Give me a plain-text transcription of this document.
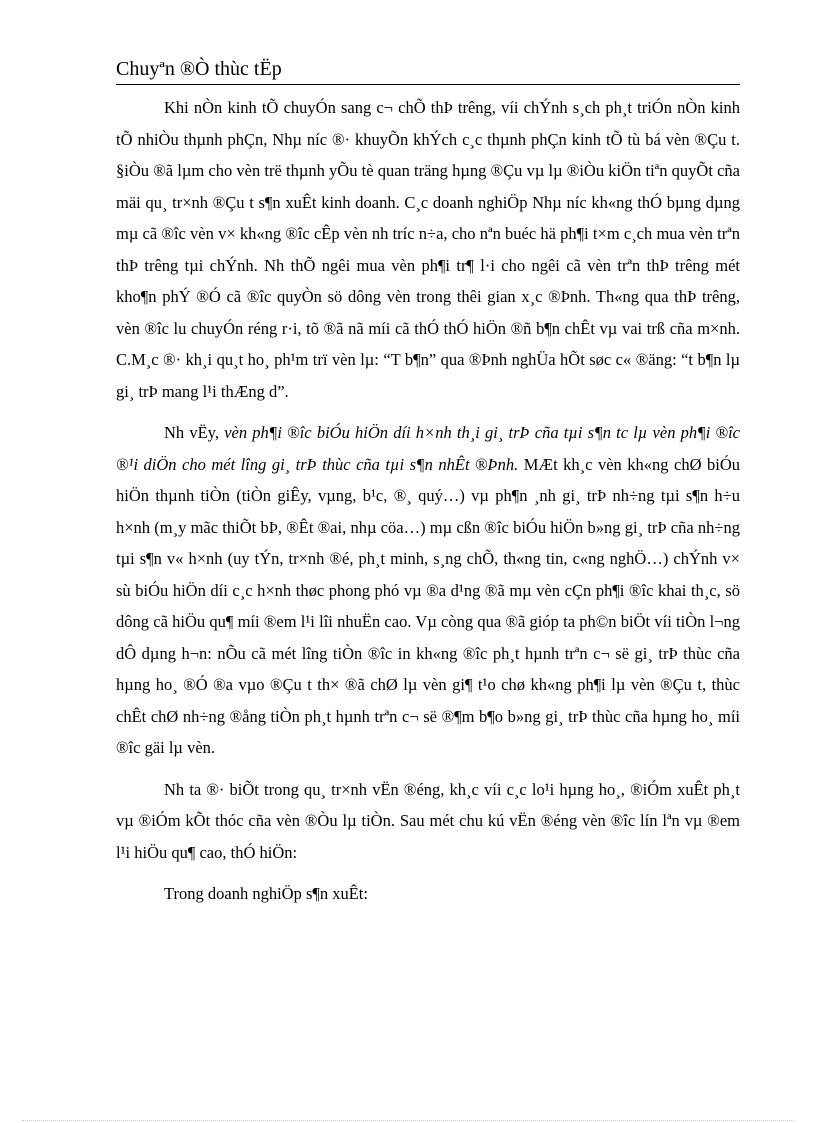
Chuyªn ®Ò thùc tËp

Khi nÒn kinh tÕ chuyÓn sang c¬ chÕ thÞ trêng, víi chÝnh s¸ch ph¸t triÓn nÒn kinh tÕ nhiÒu thµnh phÇn, Nhµ níc ®· khuyÕn khÝch c¸c thµnh phÇn kinh tÕ tù bá vèn ®Çu t. §iÒu ®ã lµm cho vèn trë thµnh yÕu tè quan träng hµng ®Çu vµ lµ ®iÒu kiÖn tiªn quyÕt cña mäi qu¸ tr×nh ®Çu t s¶n xuÊt kinh doanh. C¸c doanh nghiÖp Nhµ níc kh«ng thÓ bµng dµng mµ cã ®îc vèn v× kh«ng ®îc cÊp vèn nh tríc n÷a, cho nªn buéc hä ph¶i t×m c¸ch mua vèn trªn thÞ trêng tµi chÝnh. Nh thÕ ngêi mua vèn ph¶i tr¶ l·i cho ngêi cã vèn trªn thÞ trêng mét kho¶n phÝ ®Ó cã ®îc quyÒn sö dông vèn trong thêi gian x¸c ®Þnh. Th«ng qua thÞ trêng, vèn ®îc lu chuyÓn réng r·i, tõ ®ã nã míi cã thÓ thÓ hiÖn ®ñ b¶n chÊt vµ vai trß cña m×nh. C.M¸c ®· kh¸i qu¸t ho¸ ph¹m trï vèn lµ: “T b¶n” qua ®Þnh nghÜa hÕt søc c« ®äng: “t b¶n lµ gi¸ trÞ mang l¹i thÆng d”.

Nh vËy, vèn ph¶i ®îc biÓu hiÖn díi h×nh th¸i gi¸ trÞ cña tµi s¶n tc lµ vèn ph¶i ®îc ®¹i diÖn cho mét lîng gi¸ trÞ thùc cña tµi s¶n nhÊt ®Þnh. MÆt kh¸c vèn kh«ng chØ biÓu hiÖn thµnh tiÒn (tiÒn giÊy, vµng, b¹c, ®¸ quý…) vµ ph¶n ¸nh gi¸ trÞ nh÷ng tµi s¶n h÷u h×nh (m¸y mãc thiÕt bÞ, ®Êt ®ai, nhµ cöa…) mµ cßn ®îc biÓu hiÖn b»ng gi¸ trÞ cña nh÷ng tµi s¶n v« h×nh (uy tÝn, tr×nh ®é, ph¸t minh, s¸ng chÕ, th«ng tin, c«ng nghÖ…) chÝnh v× sù biÓu hiÖn díi c¸c h×nh thøc phong phó vµ ®a d¹ng ®ã mµ vèn cÇn ph¶i ®îc khai th¸c, sö dông cã hiÖu qu¶ míi ®em l¹i lîi nhuËn cao. Vµ còng qua ®ã gióp ta ph©n biÖt víi tiÒn l¬ng dÔ dµng h¬n: nÕu cã mét lîng tiÒn ®îc in kh«ng ®îc ph¸t hµnh trªn c¬ së gi¸ trÞ thùc cña hµng ho¸ ®Ó ®a vµo ®Çu t th× ®ã chØ lµ vèn gi¶ t¹o chø kh«ng ph¶i lµ vèn ®Çu t, thùc chÊt chØ nh÷ng ®ång tiÒn ph¸t hµnh trªn c¬ së ®¶m b¶o b»ng gi¸ trÞ thùc cña hµng ho¸ míi ®îc gäi lµ vèn.

Nh ta ®· biÕt trong qu¸ tr×nh vËn ®éng, kh¸c víi c¸c lo¹i hµng ho¸, ®iÓm xuÊt ph¸t vµ ®iÓm kÕt thóc cña vèn ®Òu lµ tiÒn. Sau mét chu kú vËn ®éng vèn ®îc lín lªn vµ ®em l¹i hiÖu qu¶ cao, thÓ hiÖn:

Trong doanh nghiÖp s¶n xuÊt:
